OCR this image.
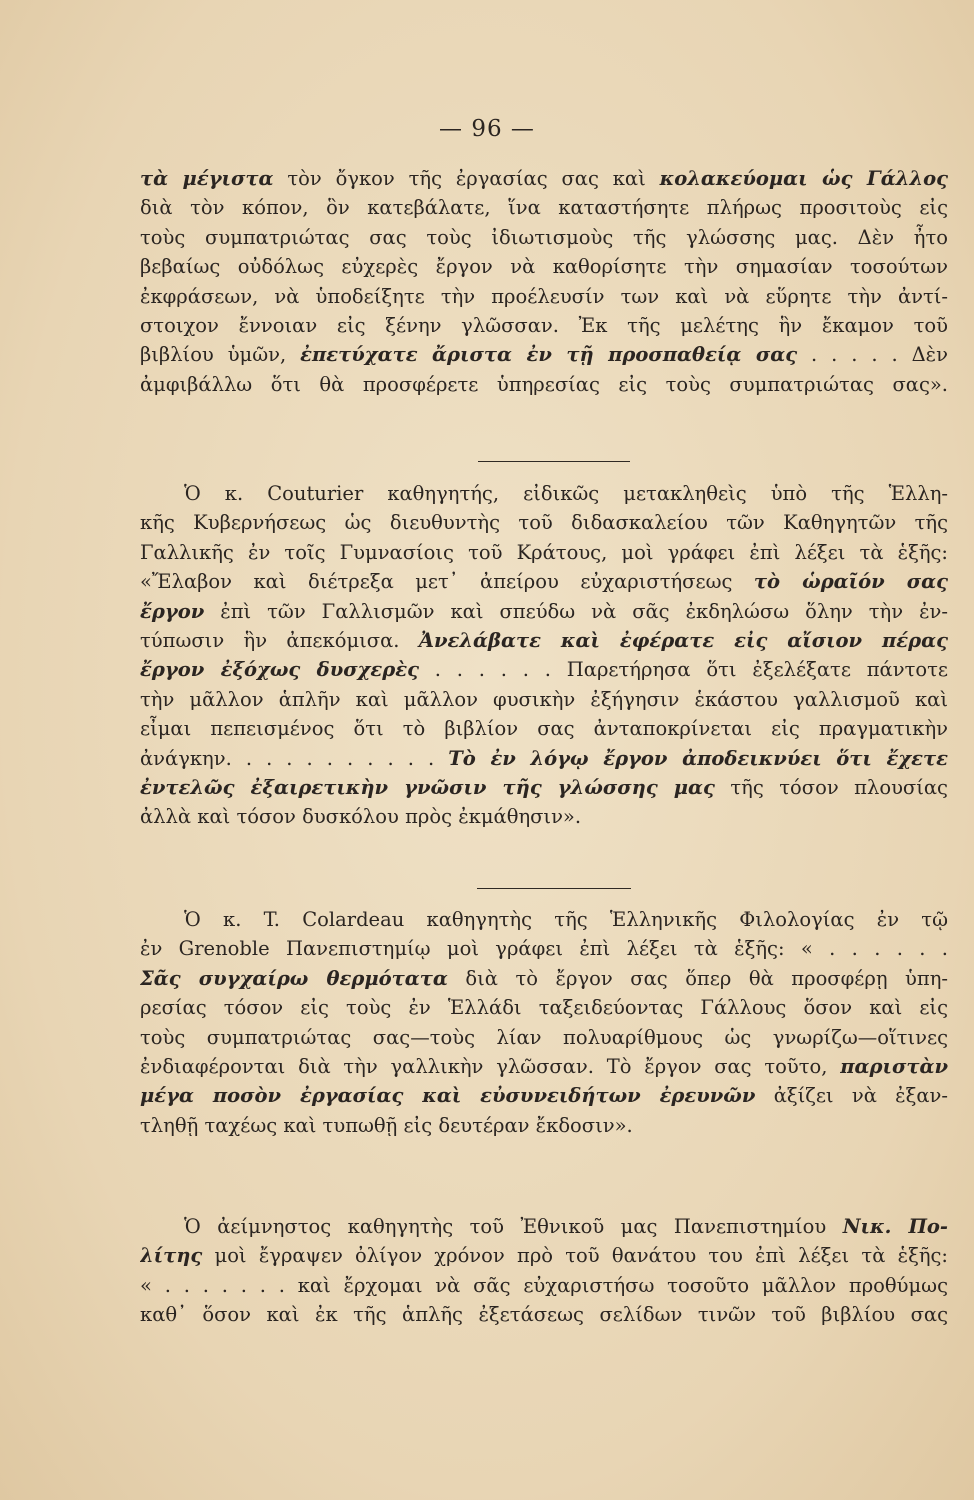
— 96 —
τὰ μέγιστα τὸν ὄγκον τῆς ἐργασίας σας καὶ κολακεύομαι ὡς Γάλλος
διὰ τὸν κόπον, ὃν κατεβάλατε, ἵνα καταστήσητε πλήρως προσιτοὺς εἰς
τοὺς συμπατριώτας σας τοὺς ἰδιωτισμοὺς τῆς γλώσσης μας. Δὲν ἦτο
βεβαίως οὐδόλως εὐχερὲς ἔργον νὰ καθορίσητε τὴν σημασίαν τοσούτων
ἐκφράσεων, νὰ ὑποδείξητε τὴν προέλευσίν των καὶ νὰ εὕρητε τὴν ἀντί-
στοιχον ἔννοιαν εἰς ξένην γλῶσσαν. Ἐκ τῆς μελέτης ἣν ἔκαμον τοῦ
βιβλίου ὑμῶν, ἐπετύχατε ἄριστα ἐν τῇ προσπαθείᾳ σας . . . . . Δὲν
ἀμφιβάλλω ὅτι θὰ προσφέρετε ὑπηρεσίας εἰς τοὺς συμπατριώτας σας».
Ὁ κ. Couturier καθηγητής, εἰδικῶς μετακληθεὶς ὑπὸ τῆς Ἑλλη-
κῆς Κυβερνήσεως ὡς διευθυντὴς τοῦ διδασκαλείου τῶν Καθηγητῶν τῆς
Γαλλικῆς ἐν τοῖς Γυμνασίοις τοῦ Κράτους, μοὶ γράφει ἐπὶ λέξει τὰ ἑξῆς:
«Ἔλαβον καὶ διέτρεξα μετ᾽ ἀπείρου εὐχαριστήσεως τὸ ὡραῖόν σας
ἔργον ἐπὶ τῶν Γαλλισμῶν καὶ σπεύδω νὰ σᾶς ἐκδηλώσω ὅλην τὴν ἐν-
τύπωσιν ἣν ἀπεκόμισα. Ἀνελάβατε καὶ ἐφέρατε εἰς αἴσιον πέρας
ἔργον ἐξόχως δυσχερὲς . . . . . . Παρετήρησα ὅτι ἐξελέξατε πάντοτε
τὴν μᾶλλον ἁπλῆν καὶ μᾶλλον φυσικὴν ἐξήγησιν ἑκάστου γαλλισμοῦ καὶ
εἶμαι πεπεισμένος ὅτι τὸ βιβλίον σας ἀνταποκρίνεται εἰς πραγματικὴν
ἀνάγκην. . . . . . . . . . . Τὸ ἐν λόγῳ ἔργον ἀποδεικνύει ὅτι ἔχετε
ἐντελῶς ἐξαιρετικὴν γνῶσιν τῆς γλώσσης μας τῆς τόσον πλουσίας
ἀλλὰ καὶ τόσον δυσκόλου πρὸς ἐκμάθησιν».
Ὁ κ. T. Colardeau καθηγητὴς τῆς Ἑλληνικῆς Φιλολογίας ἐν τῷ
ἐν Grenoble Πανεπιστημίῳ μοὶ γράφει ἐπὶ λέξει τὰ ἑξῆς: « . . . . . .
Σᾶς συγχαίρω θερμότατα διὰ τὸ ἔργον σας ὅπερ θὰ προσφέρῃ ὑπη-
ρεσίας τόσον εἰς τοὺς ἐν Ἑλλάδι ταξειδεύοντας Γάλλους ὅσον καὶ εἰς
τοὺς συμπατριώτας σας—τοὺς λίαν πολυαρίθμους ὡς γνωρίζω—οἵτινες
ἐνδιαφέρονται διὰ τὴν γαλλικὴν γλῶσσαν. Τὸ ἔργον σας τοῦτο, παριστὰν
μέγα ποσὸν ἐργασίας καὶ εὐσυνειδήτων ἐρευνῶν ἀξίζει νὰ ἐξαν-
τληθῇ ταχέως καὶ τυπωθῇ εἰς δευτέραν ἔκδοσιν».
Ὁ ἀείμνηστος καθηγητὴς τοῦ Ἐθνικοῦ μας Πανεπιστημίου Νικ. Πο-
λίτης μοὶ ἔγραψεν ὀλίγον χρόνον πρὸ τοῦ θανάτου του ἐπὶ λέξει τὰ ἑξῆς:
« . . . . . . . καὶ ἔρχομαι νὰ σᾶς εὐχαριστήσω τοσοῦτο μᾶλλον προθύμως
καθ᾽ ὅσον καὶ ἐκ τῆς ἁπλῆς ἐξετάσεως σελίδων τινῶν τοῦ βιβλίου σας
